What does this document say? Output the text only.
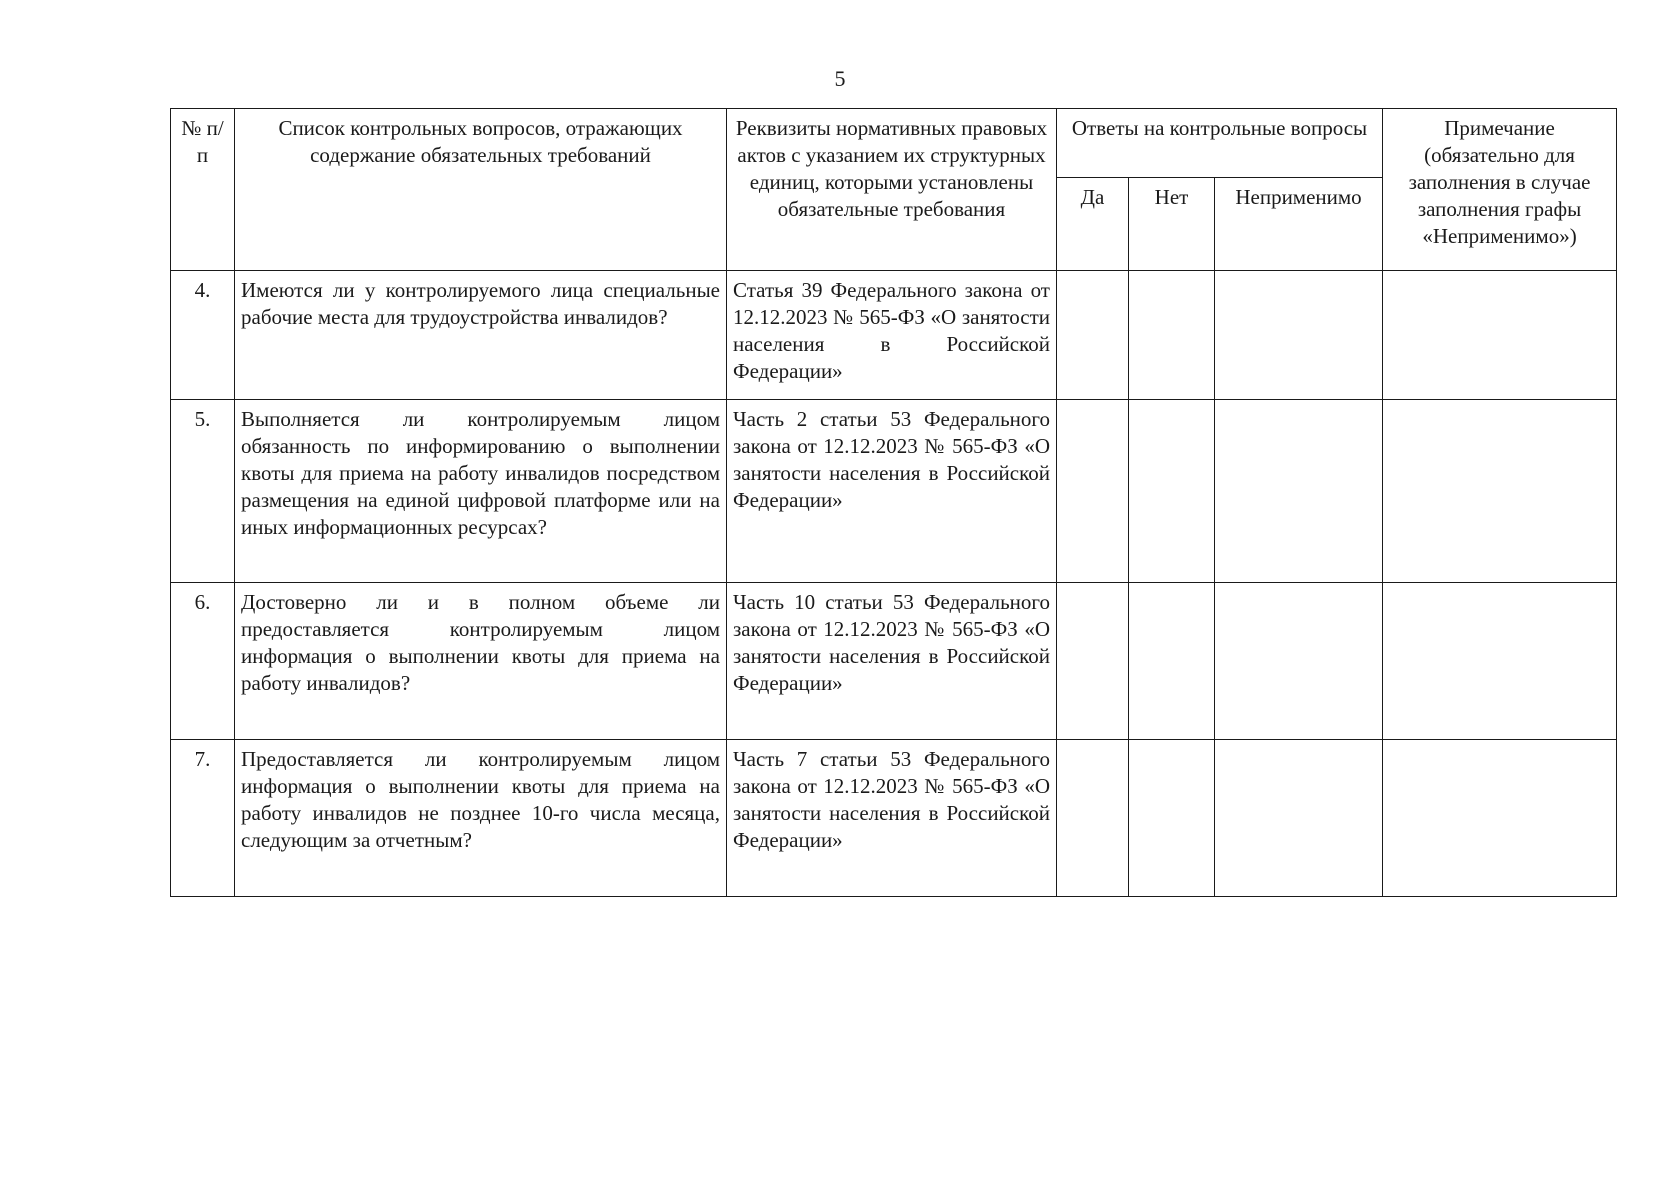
5
№ п/п	Список контрольных вопросов, отражающих содержание обязательных требований	Реквизиты нормативных правовых актов с указанием их структурных единиц, которыми установлены обязательные требования	Ответы на контрольные вопросы			Примечание (обязательно для заполнения в случае заполнения графы «Неприменимо»)
			Да	Нет	Неприменимо	
4.	Имеются ли у контролируемого лица специальные рабочие места для трудоустройства инвалидов?	Статья 39 Федерального закона от 12.12.2023 № 565-ФЗ «О занятости населения в Российской Федерации»				
5.	Выполняется ли контролируемым лицом обязанность по информированию о выполнении квоты для приема на работу инвалидов посредством размещения на единой цифровой платформе или на иных информационных ресурсах?	Часть 2 статьи 53 Федерального закона от 12.12.2023 № 565-ФЗ «О занятости населения в Российской Федерации»				
6.	Достоверно ли и в полном объеме ли предоставляется контролируемым лицом информация о выполнении квоты для приема на работу инвалидов?	Часть 10 статьи 53 Федерального закона от 12.12.2023 № 565-ФЗ «О занятости населения в Российской Федерации»				
7.	Предоставляется ли контролируемым лицом информация о выполнении квоты для приема на работу инвалидов не позднее 10-го числа месяца, следующим за отчетным?	Часть 7 статьи 53 Федерального закона от 12.12.2023 № 565-ФЗ «О занятости населения в Российской Федерации»				
